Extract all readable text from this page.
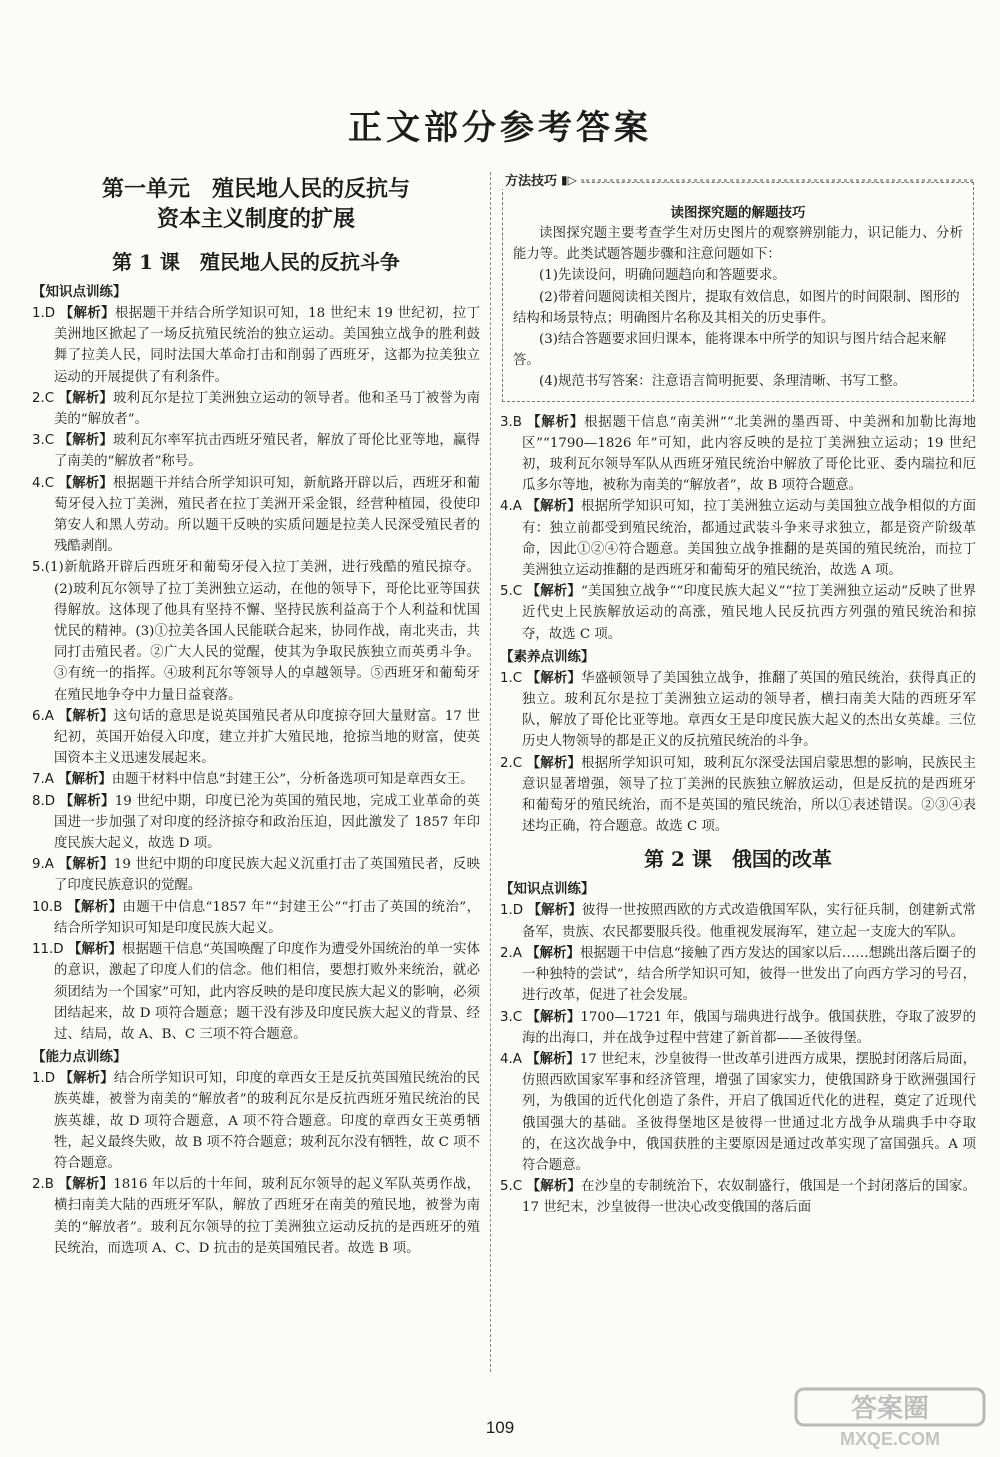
正文部分参考答案
第一单元　殖民地人民的反抗与
资本主义制度的扩展
第 1 课　殖民地人民的反抗斗争
【知识点训练】

1.D 【解析】根据题干并结合所学知识可知，18 世纪末 19 世纪初，拉丁美洲地区掀起了一场反抗殖民统治的独立运动。美国独立战争的胜利鼓舞了拉美人民，同时法国大革命打击和削弱了西班牙，这都为拉美独立运动的开展提供了有利条件。

2.C 【解析】玻利瓦尔是拉丁美洲独立运动的领导者。他和圣马丁被誉为南美的“解放者”。

3.C 【解析】玻利瓦尔率军抗击西班牙殖民者，解放了哥伦比亚等地，赢得了南美的“解放者”称号。

4.C 【解析】根据题干并结合所学知识可知，新航路开辟以后，西班牙和葡萄牙侵入拉丁美洲，殖民者在拉丁美洲开采金银，经营种植园，役使印第安人和黑人劳动。所以题干反映的实质问题是拉美人民深受殖民者的残酷剥削。

5.(1)新航路开辟后西班牙和葡萄牙侵入拉丁美洲，进行残酷的殖民掠夺。(2)玻利瓦尔领导了拉丁美洲独立运动，在他的领导下，哥伦比亚等国获得解放。这体现了他具有坚持不懈、坚持民族利益高于个人利益和忧国忧民的精神。(3)①拉美各国人民能联合起来，协同作战，南北夹击，共同打击殖民者。②广大人民的觉醒，使其为争取民族独立而英勇斗争。③有统一的指挥。④玻利瓦尔等领导人的卓越领导。⑤西班牙和葡萄牙在殖民地争夺中力量日益衰落。

6.A 【解析】这句话的意思是说英国殖民者从印度掠夺回大量财富。17 世纪初，英国开始侵入印度，建立并扩大殖民地，抢掠当地的财富，使英国资本主义迅速发展起来。

7.A 【解析】由题干材料中信息“封建王公”，分析备选项可知是章西女王。

8.D 【解析】19 世纪中期，印度已沦为英国的殖民地，完成工业革命的英国进一步加强了对印度的经济掠夺和政治压迫，因此激发了 1857 年印度民族大起义，故选 D 项。

9.A 【解析】19 世纪中期的印度民族大起义沉重打击了英国殖民者，反映了印度民族意识的觉醒。

10.B 【解析】由题干中信息“1857 年”“封建王公”“打击了英国的统治”，结合所学知识可知是印度民族大起义。

11.D 【解析】根据题干信息“英国唤醒了印度作为遭受外国统治的单一实体的意识，激起了印度人们的信念。他们相信，要想打败外来统治，就必须团结为一个国家”可知，此内容反映的是印度民族大起义的影响，必须团结起来，故 D 项符合题意；题干没有涉及印度民族大起义的背景、经过、结局，故 A、B、C 三项不符合题意。

【能力点训练】

1.D 【解析】结合所学知识可知，印度的章西女王是反抗英国殖民统治的民族英雄，被誉为南美的“解放者”的玻利瓦尔是反抗西班牙殖民统治的民族英雄，故 D 项符合题意，A 项不符合题意。印度的章西女王英勇牺牲，起义最终失败，故 B 项不符合题意；玻利瓦尔没有牺牲，故 C 项不符合题意。

2.B 【解析】1816 年以后的十年间，玻利瓦尔领导的起义军队英勇作战，横扫南美大陆的西班牙军队，解放了西班牙在南美的殖民地，被誉为南美的“解放者”。玻利瓦尔领导的拉丁美洲独立运动反抗的是西班牙的殖民统治，而选项 A、C、D 抗击的是英国殖民者。故选 B 项。

方法技巧 ▮▷
读图探究题的解题技巧

读图探究题主要考查学生对历史图片的观察辨别能力，识记能力、分析能力等。此类试题答题步骤和注意问题如下：

(1)先读设问，明确问题趋向和答题要求。

(2)带着问题阅读相关图片，提取有效信息，如图片的时间限制、图形的结构和场景特点；明确图片名称及其相关的历史事件。

(3)结合答题要求回归课本，能将课本中所学的知识与图片结合起来解答。

(4)规范书写答案：注意语言简明扼要、条理清晰、书写工整。

3.B 【解析】根据题干信息“南美洲”“北美洲的墨西哥、中美洲和加勒比海地区”“1790—1826 年”可知，此内容反映的是拉丁美洲独立运动；19 世纪初，玻利瓦尔领导军队从西班牙殖民统治中解放了哥伦比亚、委内瑞拉和厄瓜多尔等地，被称为南美的“解放者”，故 B 项符合题意。

4.A 【解析】根据所学知识可知，拉丁美洲独立运动与美国独立战争相似的方面有：独立前都受到殖民统治，都通过武装斗争来寻求独立，都是资产阶级革命，因此①②④符合题意。美国独立战争推翻的是英国的殖民统治，而拉丁美洲独立运动推翻的是西班牙和葡萄牙的殖民统治，故选 A 项。

5.C 【解析】“美国独立战争”“印度民族大起义”“拉丁美洲独立运动”反映了世界近代史上民族解放运动的高涨，殖民地人民反抗西方列强的殖民统治和掠夺，故选 C 项。

【素养点训练】

1.C 【解析】华盛顿领导了美国独立战争，推翻了英国的殖民统治，获得真正的独立。玻利瓦尔是拉丁美洲独立运动的领导者，横扫南美大陆的西班牙军队，解放了哥伦比亚等地。章西女王是印度民族大起义的杰出女英雄。三位历史人物领导的都是正义的反抗殖民统治的斗争。

2.C 【解析】根据所学知识可知，玻利瓦尔深受法国启蒙思想的影响，民族民主意识显著增强，领导了拉丁美洲的民族独立解放运动，但是反抗的是西班牙和葡萄牙的殖民统治，而不是英国的殖民统治，所以①表述错误。②③④表述均正确，符合题意。故选 C 项。

第 2 课　俄国的改革
【知识点训练】

1.D 【解析】彼得一世按照西欧的方式改造俄国军队，实行征兵制，创建新式常备军，贵族、农民都要服兵役。他重视发展海军，建立起一支庞大的军队。

2.A 【解析】根据题干中信息“接触了西方发达的国家以后……想跳出落后圈子的一种独特的尝试”，结合所学知识可知，彼得一世发出了向西方学习的号召，进行改革，促进了社会发展。

3.C 【解析】1700—1721 年，俄国与瑞典进行战争。俄国获胜，夺取了波罗的海的出海口，并在战争过程中营建了新首都——圣彼得堡。

4.A 【解析】17 世纪末，沙皇彼得一世改革引进西方成果，摆脱封闭落后局面，仿照西欧国家军事和经济管理，增强了国家实力，使俄国跻身于欧洲强国行列，为俄国的近代化创造了条件，开启了俄国近代化的进程，奠定了近现代俄国强大的基础。圣彼得堡地区是彼得一世通过北方战争从瑞典手中夺取的，在这次战争中，俄国获胜的主要原因是通过改革实现了富国强兵。A 项符合题意。

5.C 【解析】在沙皇的专制统治下，农奴制盛行，俄国是一个封闭落后的国家。17 世纪末，沙皇彼得一世决心改变俄国的落后面

109
答案圈
MXQE.COM
